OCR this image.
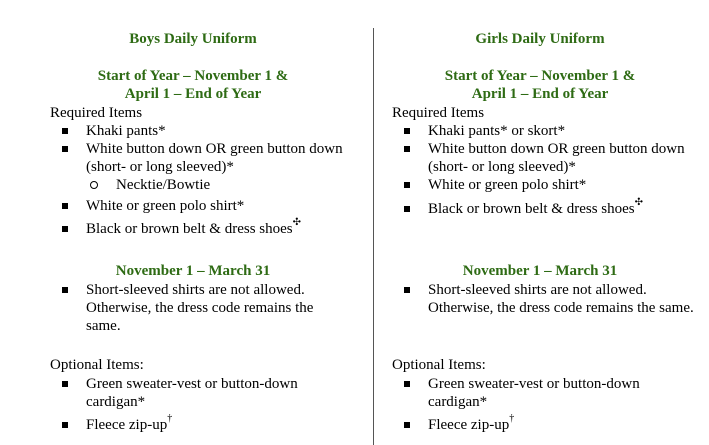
Boys Daily Uniform
Start of Year – November 1 &
April 1 – End of Year
Required Items
Khaki pants*
White button down OR green button down (short- or long sleeved)*
Necktie/Bowtie
White or green polo shirt*
Black or brown belt & dress shoes✣
November 1 – March 31
Short-sleeved shirts are not allowed. Otherwise, the dress code remains the same.
Optional Items:
Green sweater-vest or button-down cardigan*
Fleece zip-up†
Girls Daily Uniform
Start of Year – November 1 &
April 1 – End of Year
Required Items
Khaki pants* or skort*
White button down OR green button down (short- or long sleeved)*
White or green polo shirt*
Black or brown belt & dress shoes✣
November 1 – March 31
Short-sleeved shirts are not allowed. Otherwise, the dress code remains the same.
Optional Items:
Green sweater-vest or button-down cardigan*
Fleece zip-up†
